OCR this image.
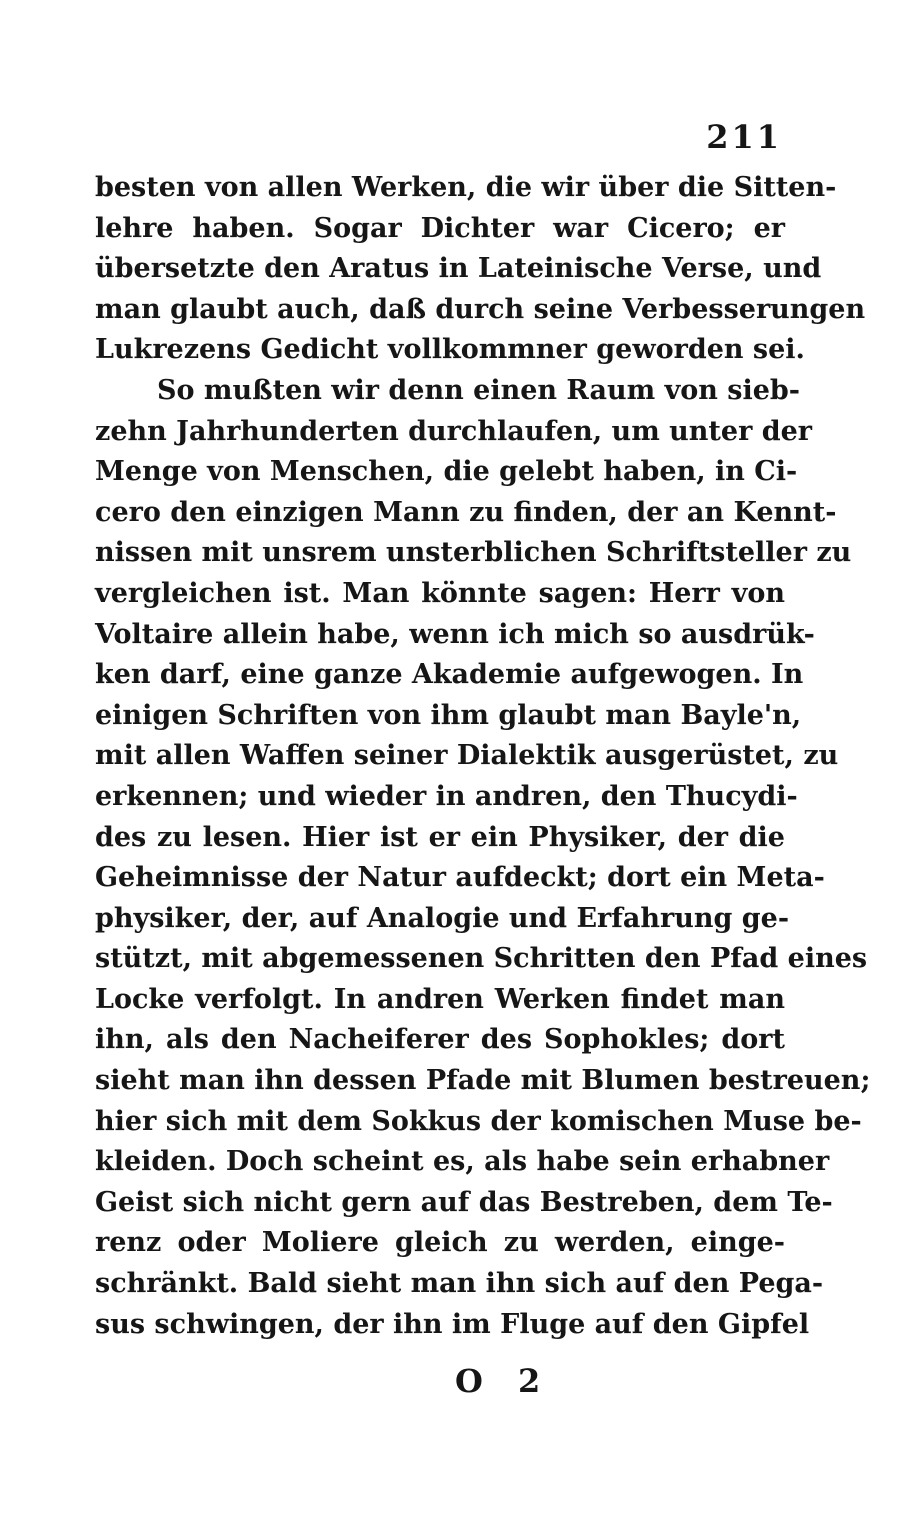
211
besten von allen Werken, die wir über die Sitten-
lehre haben. Sogar Dichter war Cicero; er
übersetzte den Aratus in Lateinische Verse, und
man glaubt auch, daß durch seine Verbesserungen
Lukrezens Gedicht vollkommner geworden sei.
So mußten wir denn einen Raum von sieb-
zehn Jahrhunderten durchlaufen, um unter der
Menge von Menschen, die gelebt haben, in Ci-
cero den einzigen Mann zu finden, der an Kennt-
nissen mit unsrem unsterblichen Schriftsteller zu
vergleichen ist. Man könnte sagen: Herr von
Voltaire allein habe, wenn ich mich so ausdrük-
ken darf, eine ganze Akademie aufgewogen. In
einigen Schriften von ihm glaubt man Bayle'n,
mit allen Waffen seiner Dialektik ausgerüstet, zu
erkennen; und wieder in andren, den Thucydi-
des zu lesen. Hier ist er ein Physiker, der die
Geheimnisse der Natur aufdeckt; dort ein Meta-
physiker, der, auf Analogie und Erfahrung ge-
stützt, mit abgemessenen Schritten den Pfad eines
Locke verfolgt. In andren Werken findet man
ihn, als den Nacheiferer des Sophokles; dort
sieht man ihn dessen Pfade mit Blumen bestreuen;
hier sich mit dem Sokkus der komischen Muse be-
kleiden. Doch scheint es, als habe sein erhabner
Geist sich nicht gern auf das Bestreben, dem Te-
renz oder Moliere gleich zu werden, einge-
schränkt. Bald sieht man ihn sich auf den Pega-
sus schwingen, der ihn im Fluge auf den Gipfel
O 2
